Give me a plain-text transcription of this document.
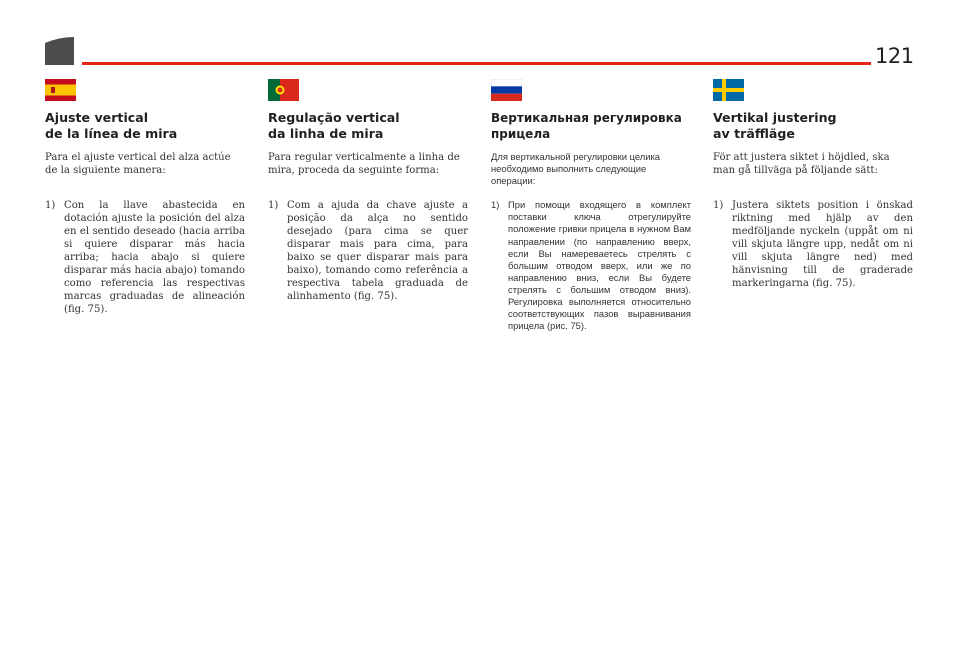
121
Ajuste vertical
de la línea de mira
Para el ajuste vertical del alza actúe de la siguiente manera:
1) Con la llave abastecida en dotación ajuste la posición del alza en el sentido deseado (hacia arriba si quiere disparar más hacia arriba; hacia abajo si quiere disparar más hacia abajo) tomando como referencia las respectivas marcas graduadas de alineación (fig. 75).
Regulação vertical
da linha de mira
Para regular verticalmente a linha de mira, proceda da seguinte forma:
1) Com a ajuda da chave ajuste a posição da alça no sentido desejado (para cima se quer disparar mais para cima, para baixo se quer disparar mais para baixo), tomando como referência a respectiva tabela graduada de alinhamento (fig. 75).
Вертикальная регулировка
прицела
Для вертикальной регулировки целика необходимо выполнить следующие операции:
1) При помощи входящего в комплект поставки ключа отрегулируйте положение гривки прицела в нужном Вам направлении (по направлению вверх, если Вы намереваетесь стрелять с большим отводом вверх, или же по направлению вниз, если Вы будете стрелять с большим отводом вниз). Регулировка выполняется относительно соответствующих пазов выравнивания прицела (рис. 75).
Vertikal justering
av träffläge
För att justera siktet i höjdled, ska man gå tillväga på följande sätt:
1) Justera siktets position i önskad riktning med hjälp av den medföljande nyckeln (uppåt om ni vill skjuta längre upp, nedåt om ni vill skjuta längre ned) med hänvisning till de graderade markeringarna (fig. 75).
